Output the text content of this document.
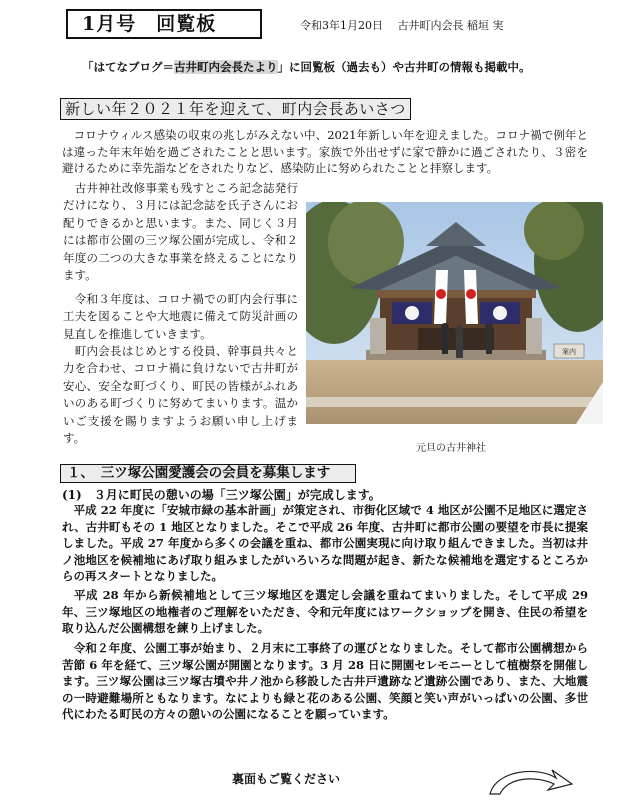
1月号　回覧板	令和3年1月20日　 古井町内会長 稲垣 実
「はてなブログ＝古井町内会長たより」に回覧板（過去も）や古井町の情報も掲載中。
新しい年２０２１年を迎えて、町内会長あいさつ

　コロナウィルス感染の収束の兆しがみえない中、2021年新しい年を迎えました。コロナ禍で例年とは違った年末年始を過ごされたことと思います。家族で外出せずに家で静かに過ごされたり、３密を避けるために幸先詣などをされたりなど、感染防止に努められたことと拝察します。

　古井神社改修事業も残すところ記念誌発行だけになり、３月には記念誌を氏子さんにお配りできるかと思います。また、同じく３月には都市公園の三ツ塚公園が完成し、令和２年度の二つの大きな事業を終えることになります。

　令和３年度は、コロナ禍での町内会行事に工夫を図ることや大地震に備えて防災計画の見直しを推進していきます。

　町内会長はじめとする役員、幹事員共々と力を合わせ、コロナ禍に負けないで古井町が安心、安全な町づくり、町民の皆様がふれあいのある町づくりに努めてまいります。温かいご支援を賜りますようお願い申し上げます。

案内
元旦の古井神社
１、　三ツ塚公園愛護会の会員を募集します
(1)　３月に町民の憩いの場「三ツ塚公園」が完成します。

　平成 22 年度に「安城市緑の基本計画」が策定され、市街化区域で 4 地区が公園不足地区に選定され、古井町もその 1 地区となりました。そこで平成 26 年度、古井町に都市公園の要望を市長に提案しました。平成 27 年度から多くの会議を重ね、都市公園実現に向け取り組んできました。当初は井ノ池地区を候補地にあげ取り組みましたがいろいろな問題が起き、新たな候補地を選定するところからの再スタートとなりました。

　平成 28 年から新候補地として三ツ塚地区を選定し会議を重ねてまいりました。そして平成 29 年、三ツ塚地区の地権者のご理解をいただき、令和元年度にはワークショップを開き、住民の希望を取り込んだ公園構想を練り上げました。

　令和２年度、公園工事が始まり、２月末に工事終了の運びとなりました。そして都市公園構想から苦節 6 年を経て、三ツ塚公園が開園となります。3 月 28 日に開園セレモニーとして植樹祭を開催します。三ツ塚公園は三ツ塚古墳や井ノ池から移設した古井戸遺跡など遺跡公園であり、また、大地震の一時避難場所ともなります。なによりも緑と花のある公園、笑顔と笑い声がいっぱいの公園、多世代にわたる町民の方々の憩いの公園になることを願っています。

裏面もご覧ください
